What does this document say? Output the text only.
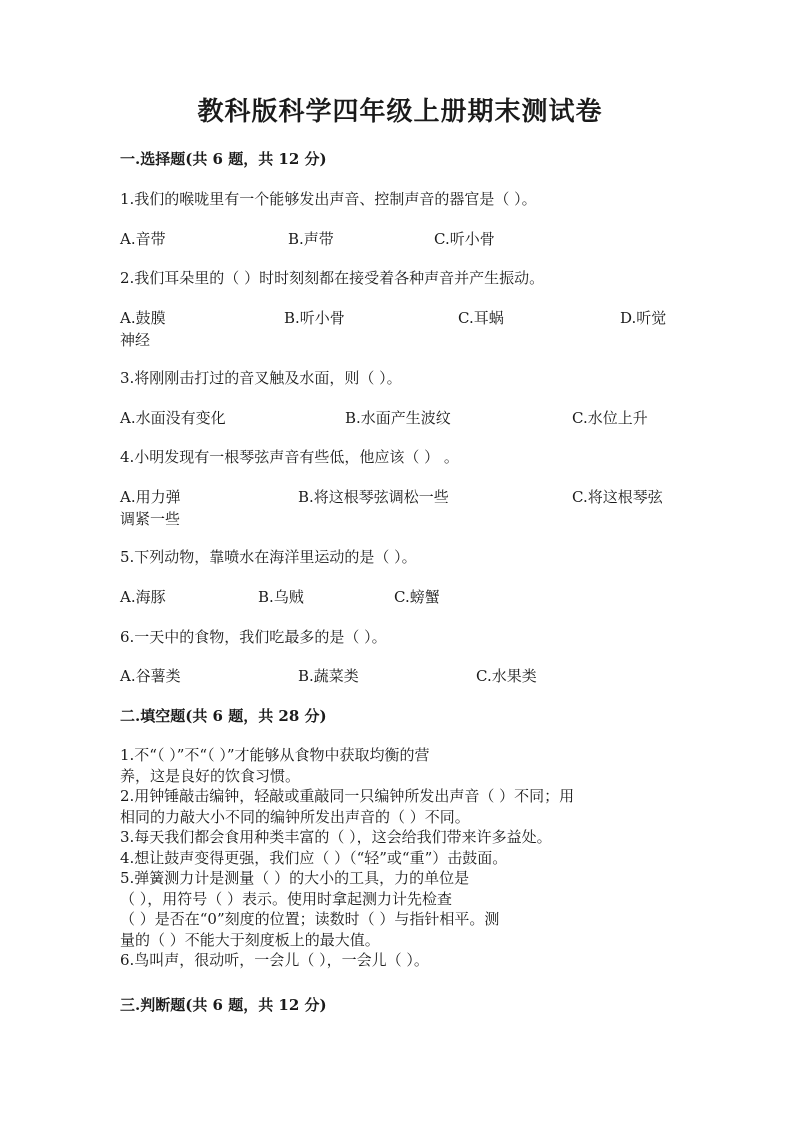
教科版科学四年级上册期末测试卷
一.选择题(共 6 题，共 12 分)
1.我们的喉咙里有一个能够发出声音、控制声音的器官是（ ）。
A.音带	B.声带	C.听小骨
2.我们耳朵里的（ ）时时刻刻都在接受着各种声音并产生振动。
A.鼓膜	B.听小骨	C.耳蜗	D.听觉
神经
3.将刚刚击打过的音叉触及水面，则（ ）。
A.水面没有变化	B.水面产生波纹	C.水位上升
4.小明发现有一根琴弦声音有些低，他应该（ ） 。
A.用力弹	B.将这根琴弦调松一些	C.将这根琴弦
调紧一些
5.下列动物，靠喷水在海洋里运动的是（ ）。
A.海豚	B.乌贼	C.螃蟹
6.一天中的食物，我们吃最多的是（ ）。
A.谷薯类	B.蔬菜类	C.水果类
二.填空题(共 6 题，共 28 分)
1.不“（ ）”不“（ ）”才能够从食物中获取均衡的营
养，这是良好的饮食习惯。
2.用钟锤敲击编钟，轻敲或重敲同一只编钟所发出声音（ ）不同；用
相同的力敲大小不同的编钟所发出声音的（ ）不同。
3.每天我们都会食用种类丰富的（ ），这会给我们带来许多益处。
4.想让鼓声变得更强，我们应（ ）（“轻”或“重”）击鼓面。
5.弹簧测力计是测量（ ）的大小的工具，力的单位是
（ ），用符号（ ）表示。使用时拿起测力计先检查
（ ）是否在“0”刻度的位置；读数时（ ）与指针相平。测
量的（ ）不能大于刻度板上的最大值。
6.鸟叫声，很动听，一会儿（ ），一会儿（ ）。
三.判断题(共 6 题，共 12 分)
